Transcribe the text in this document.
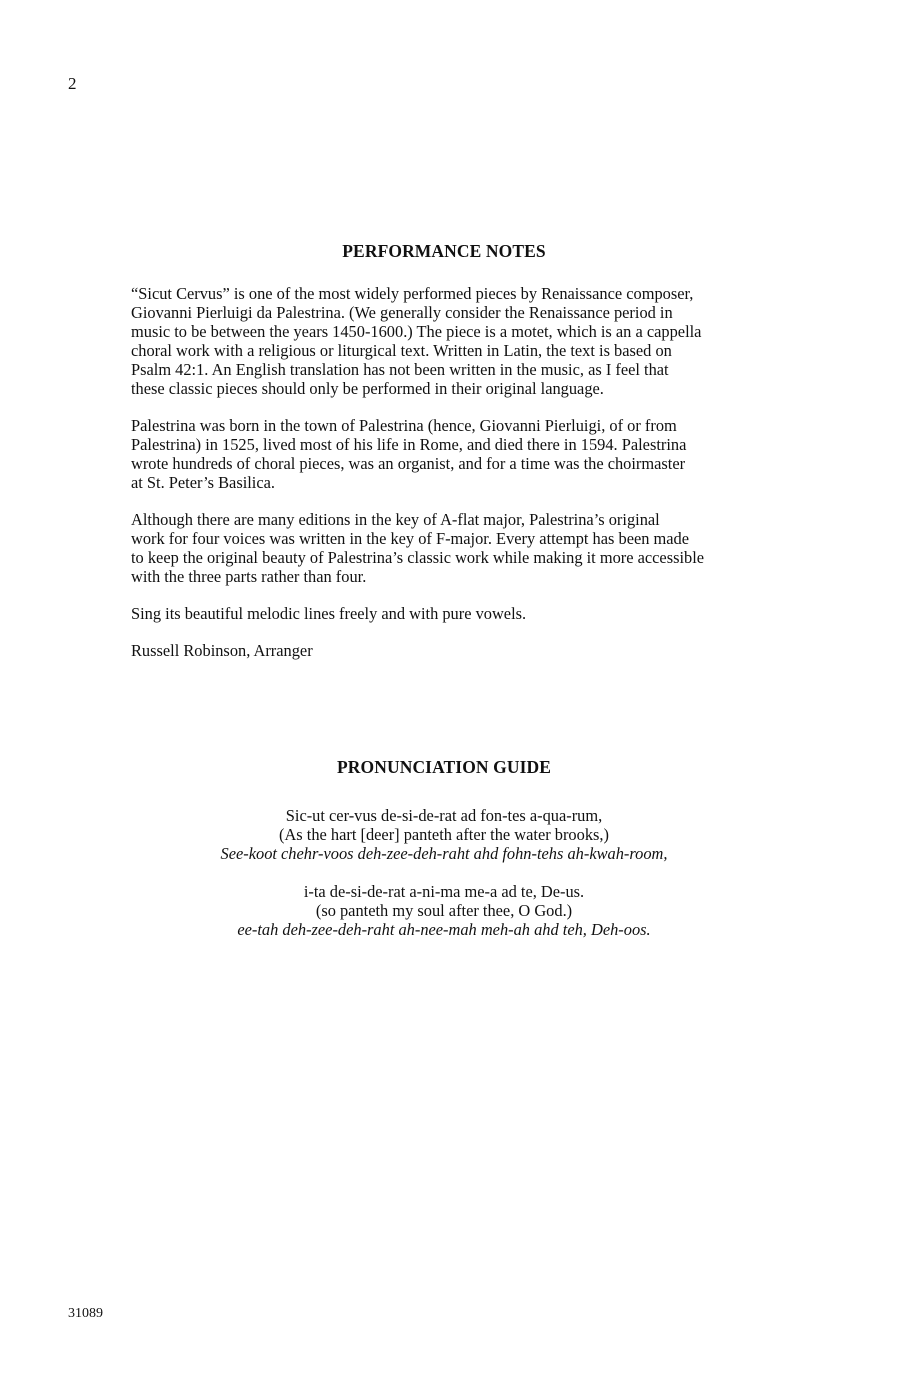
2
PERFORMANCE NOTES

“Sicut Cervus” is one of the most widely performed pieces by Renaissance composer,
Giovanni Pierluigi da Palestrina. (We generally consider the Renaissance period in
music to be between the years 1450-1600.) The piece is a motet, which is an a cappella
choral work with a religious or liturgical text. Written in Latin, the text is based on
Psalm 42:1. An English translation has not been written in the music, as I feel that
these classic pieces should only be performed in their original language.

Palestrina was born in the town of Palestrina (hence, Giovanni Pierluigi, of or from
Palestrina) in 1525, lived most of his life in Rome, and died there in 1594. Palestrina
wrote hundreds of choral pieces, was an organist, and for a time was the choirmaster
at St. Peter’s Basilica.

Although there are many editions in the key of A-flat major, Palestrina’s original
work for four voices was written in the key of F-major. Every attempt has been made
to keep the original beauty of Palestrina’s classic work while making it more accessible
with the three parts rather than four.

Sing its beautiful melodic lines freely and with pure vowels.

Russell Robinson, Arranger

PRONUNCIATION GUIDE
Sic-ut cer-vus de-si-de-rat ad fon-tes a-qua-rum,
(As the hart [deer] panteth after the water brooks,)
See-koot chehr-voos deh-zee-deh-raht ahd fohn-tehs ah-kwah-room,
i-ta de-si-de-rat a-ni-ma me-a ad te, De-us.
(so panteth my soul after thee, O God.)
ee-tah deh-zee-deh-raht ah-nee-mah meh-ah ahd teh, Deh-oos.
31089
